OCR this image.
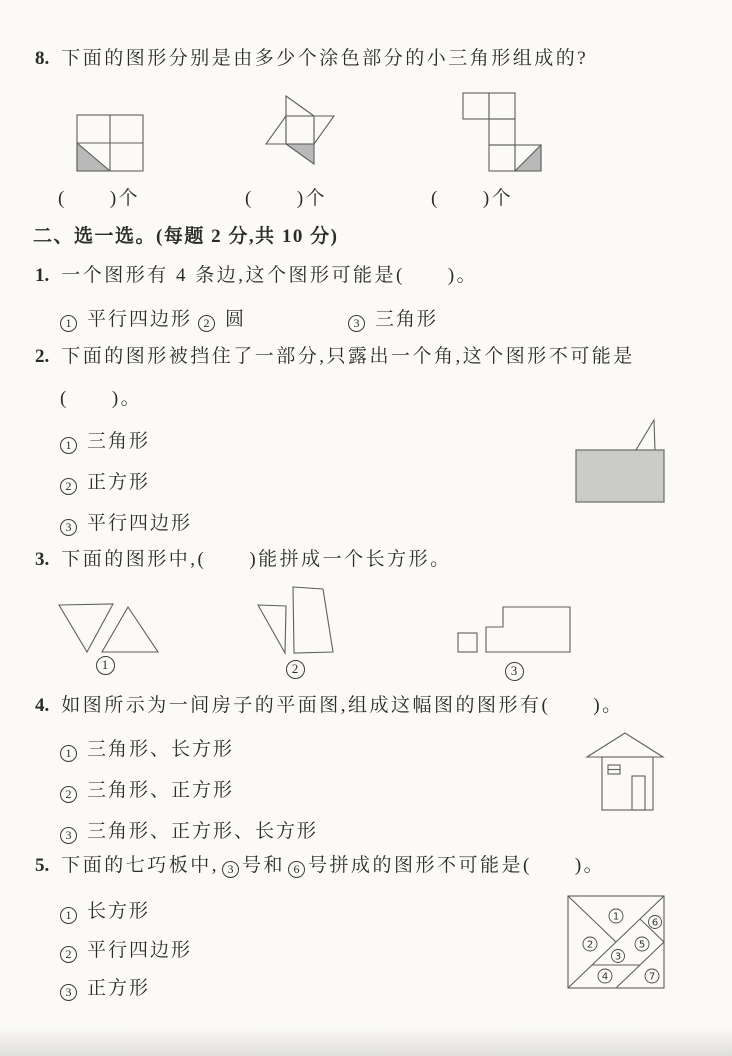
8. 下面的图形分别是由多少个涂色部分的小三角形组成的?
(　　)个	(　　)个	(　　)个
二、选一选。(每题 2 分,共 10 分)
1. 一个图形有 4 条边,这个图形可能是(　　)。
1 平行四边形 2 圆	3 三角形
2. 下面的图形被挡住了一部分,只露出一个角,这个图形不可能是
(　　)。
1 三角形
2 正方形
3 平行四边形
3. 下面的图形中,(　　)能拼成一个长方形。
1	2	3
4. 如图所示为一间房子的平面图,组成这幅图的图形有(　　)。
1 三角形、长方形
2 三角形、正方形
3 三角形、正方形、长方形
5. 下面的七巧板中, 3 号和 6 号拼成的图形不可能是(　　)。
1 长方形
2 平行四边形
3 正方形
1
2
3
4
5
6
7
